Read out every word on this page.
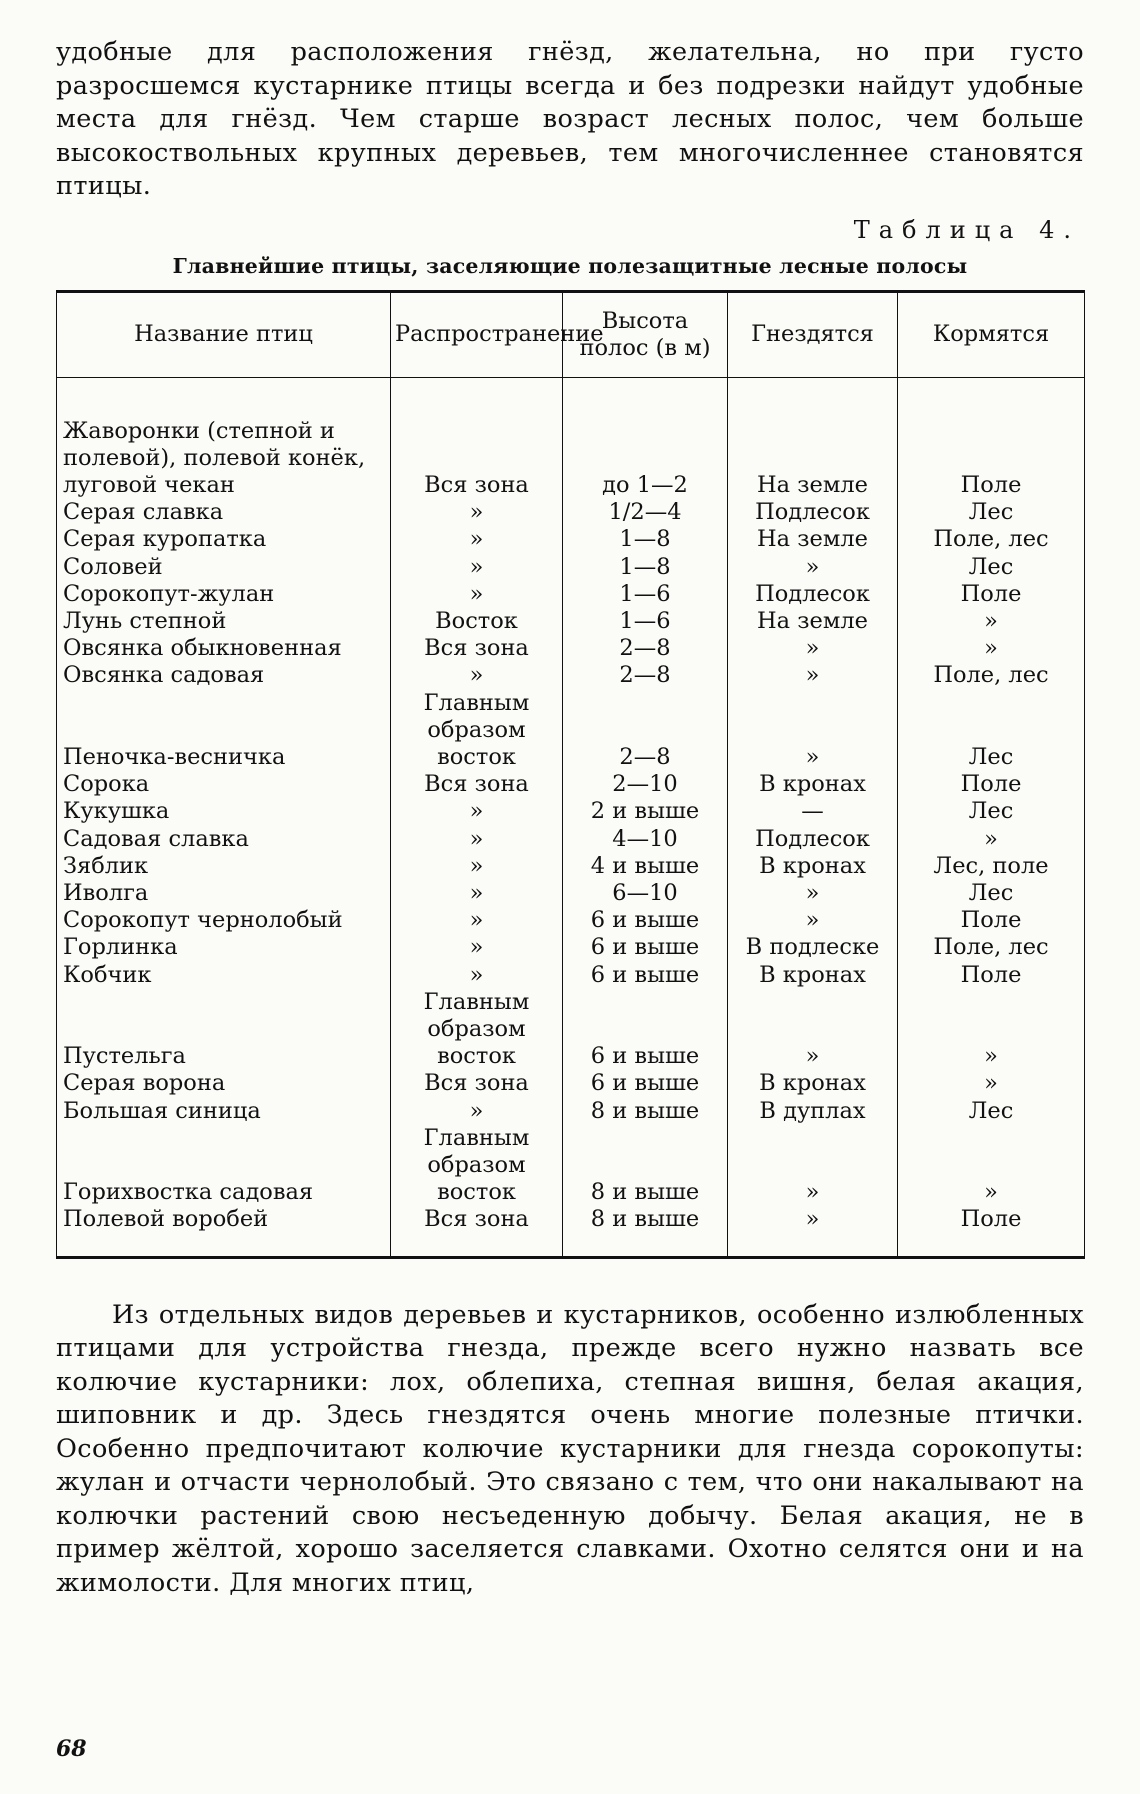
удобные для расположения гнёзд, желательна, но при густо разросшемся кустарнике птицы всегда и без подрезки найдут удобные места для гнёзд. Чем старше возраст лесных полос, чем больше высокоствольных крупных деревьев, тем многочисленнее становятся птицы.

Таблица 4.
Главнейшие птицы, заселяющие полезащитные лесные полосы
Название птиц	Распространение	Высота полос (в м)	Гнездятся	Кормятся

Жаворонки (степной и полевой), полевой конёк, луговой чекан	Вся зона	до 1—2	На земле	Поле
Серая славка	»	1/2—4	Подлесок	Лес
Серая куропатка	»	1—8	На земле	Поле, лес
Соловей	»	1—8	»	Лес
Сорокопут-жулан	»	1—6	Подлесок	Поле
Лунь степной	Восток	1—6	На земле	»
Овсянка обыкновенная	Вся зона	2—8	»	»
Овсянка садовая	»	2—8	»	Поле, лес
Пеночка-весничка	Главным образом восток	2—8	»	Лес
Сорока	Вся зона	2—10	В кронах	Поле
Кукушка	»	2 и выше	—	Лес
Садовая славка	»	4—10	Подлесок	»
Зяблик	»	4 и выше	В кронах	Лес, поле
Иволга	»	6—10	»	Лес
Сорокопут чернолобый	»	6 и выше	»	Поле
Горлинка	»	6 и выше	В подлеске	Поле, лес
Кобчик	»	6 и выше	В кронах	Поле
Пустельга	Главным образом восток	6 и выше	»	»
Серая ворона	Вся зона	6 и выше	В кронах	»
Большая синица	»	8 и выше	В дуплах	Лес
Горихвостка садовая	Главным образом восток	8 и выше	»	»
Полевой воробей	Вся зона	8 и выше	»	Поле

Из отдельных видов деревьев и кустарников, особенно излюбленных птицами для устройства гнезда, прежде всего нужно назвать все колючие кустарники: лох, облепиха, степная вишня, белая акация, шиповник и др. Здесь гнездятся очень многие полезные птички. Особенно предпочитают колючие кустарники для гнезда сорокопуты: жулан и отчасти чернолобый. Это связано с тем, что они накалывают на колючки растений свою несъеденную добычу. Белая акация, не в пример жёлтой, хорошо заселяется славками. Охотно селятся они и на жимолости. Для многих птиц,

68
